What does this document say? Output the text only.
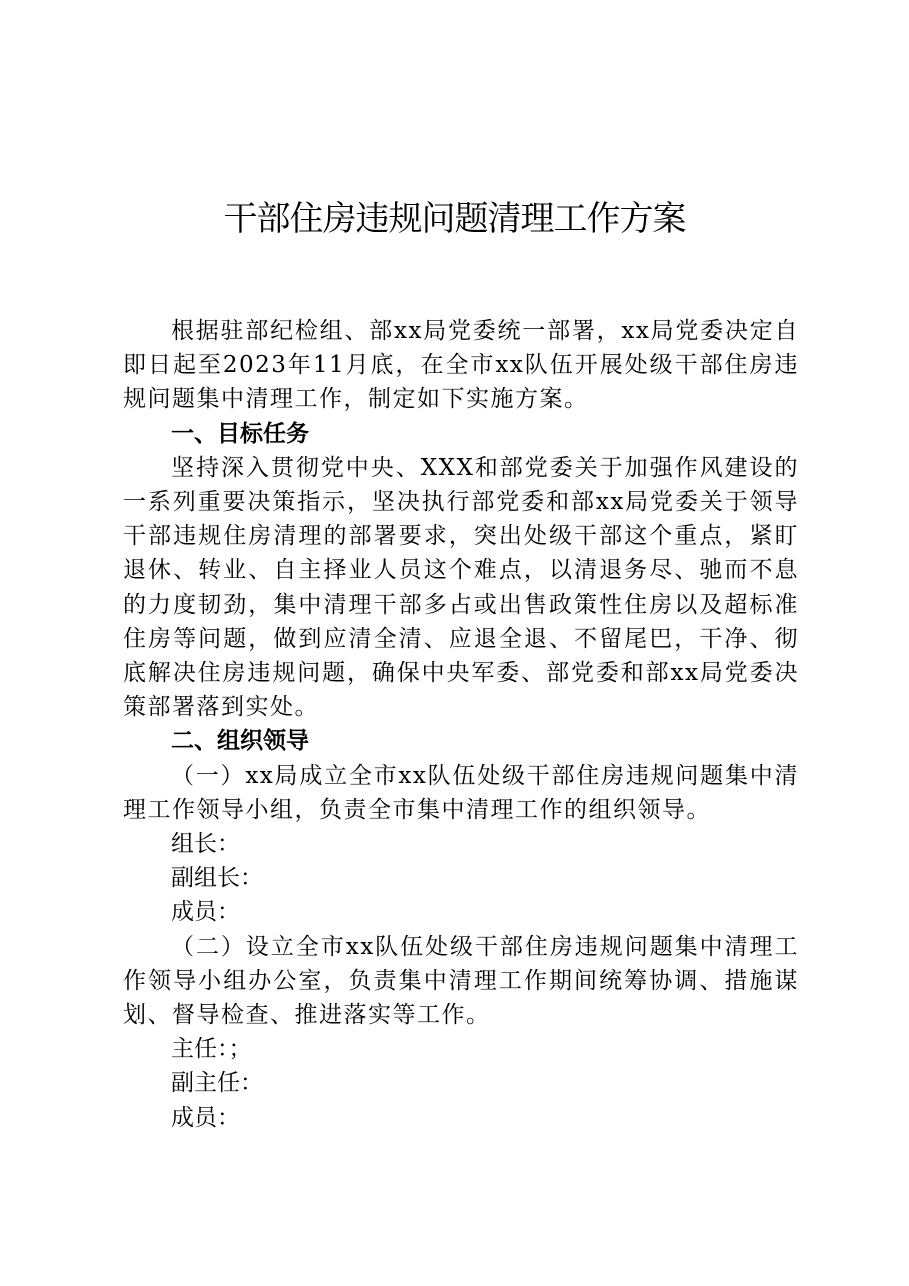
干部住房违规问题清理工作方案

根据驻部纪检组、部xx局党委统一部署，xx局党委决定自即日起至2023年11月底，在全市xx队伍开展处级干部住房违规问题集中清理工作，制定如下实施方案。

一、目标任务

坚持深入贯彻党中央、XXX和部党委关于加强作风建设的一系列重要决策指示，坚决执行部党委和部xx局党委关于领导干部违规住房清理的部署要求，突出处级干部这个重点，紧盯退休、转业、自主择业人员这个难点，以清退务尽、驰而不息的力度韧劲，集中清理干部多占或出售政策性住房以及超标准住房等问题，做到应清全清、应退全退、不留尾巴，干净、彻底解决住房违规问题，确保中央军委、部党委和部xx局党委决策部署落到实处。

二、组织领导

（一）xx局成立全市xx队伍处级干部住房违规问题集中清理工作领导小组，负责全市集中清理工作的组织领导。

组长：

副组长：

成员：

（二）设立全市xx队伍处级干部住房违规问题集中清理工作领导小组办公室，负责集中清理工作期间统筹协调、措施谋划、督导检查、推进落实等工作。

主任：；

副主任：

成员：
